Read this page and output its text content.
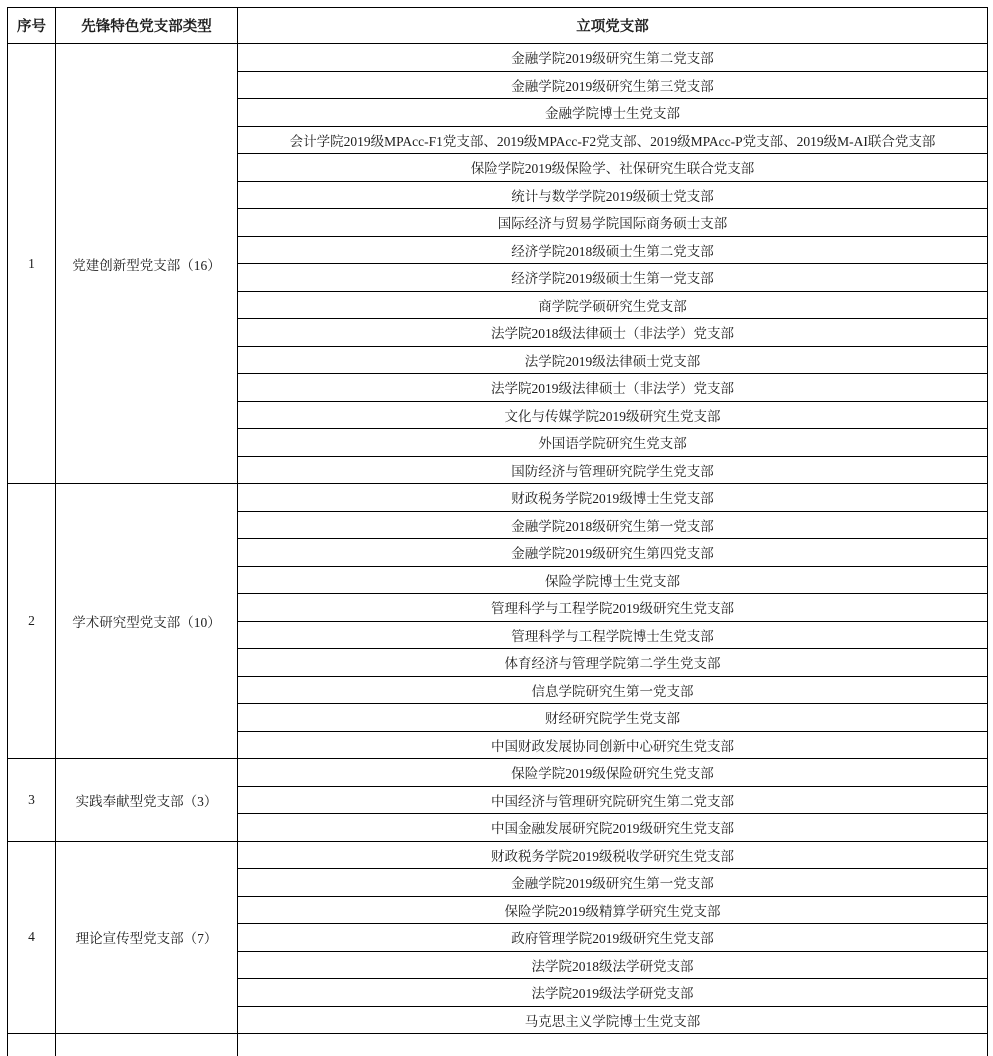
序号	先锋特色党支部类型	立项党支部
1	党建创新型党支部（16）	金融学院2019级研究生第二党支部
		金融学院2019级研究生第三党支部
		金融学院博士生党支部
		会计学院2019级MPAcc-F1党支部、2019级MPAcc-F2党支部、2019级MPAcc-P党支部、2019级M-AI联合党支部
		保险学院2019级保险学、社保研究生联合党支部
		统计与数学学院2019级硕士党支部
		国际经济与贸易学院国际商务硕士支部
		经济学院2018级硕士生第二党支部
		经济学院2019级硕士生第一党支部
		商学院学硕研究生党支部
		法学院2018级法律硕士（非法学）党支部
		法学院2019级法律硕士党支部
		法学院2019级法律硕士（非法学）党支部
		文化与传媒学院2019级研究生党支部
		外国语学院研究生党支部
		国防经济与管理研究院学生党支部
2	学术研究型党支部（10）	财政税务学院2019级博士生党支部
		金融学院2018级研究生第一党支部
		金融学院2019级研究生第四党支部
		保险学院博士生党支部
		管理科学与工程学院2019级研究生党支部
		管理科学与工程学院博士生党支部
		体育经济与管理学院第二学生党支部
		信息学院研究生第一党支部
		财经研究院学生党支部
		中国财政发展协同创新中心研究生党支部
3	实践奉献型党支部（3）	保险学院2019级保险研究生党支部
		中国经济与管理研究院研究生第二党支部
		中国金融发展研究院2019级研究生党支部
4	理论宣传型党支部（7）	财政税务学院2019级税收学研究生党支部
		金融学院2019级研究生第一党支部
		保险学院2019级精算学研究生党支部
		政府管理学院2019级研究生党支部
		法学院2018级法学研党支部
		法学院2019级法学研党支部
		马克思主义学院博士生党支部
